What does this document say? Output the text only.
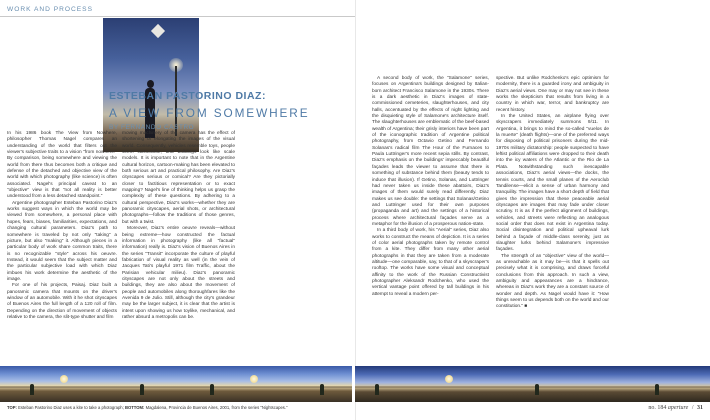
WORK AND PROCESS
ESTEBAN PASTORINO DIAZ:
A VIEW FROM SOMEWHERE
BY FERNANDO CASTRO

In his 1986 book The View from Nowhere, philosopher Thomas Nagel compares an understanding of the world that filters out the viewer's subjective traits to a vision "from nowhere." By comparison, being somewhere and viewing the world from there thus becomes both a critique and defense of the detached and objective view of the world with which photography (like science) is often associated. Nagel's principal caveat to an "objective" view is that "not all reality is better understood from a less detached standpoint."

Argentine photographer Esteban Pastorino Diaz's works suggest ways in which the world may be viewed from somewhere, a personal place with hopes, fears, biases, familiarities, expectations, and changing cultural parameters. Diaz's path to somewhere is traveled by not only "taking" a picture, but also "making" it. Although pieces in a particular body of work share common traits, there is no recognizable "style" across his oeuvre. Instead, it would seem that the subject matter and the particular subjective load with which Diaz imbues his work determine the aesthetic of the image.

For one of his projects, Paisaj. Diaz built a panoramic camera that mounts on the driver's window of an automobile. With it he shot cityscapes of Buenos Aires the full length of a 120 roll of film. Depending on the direction of movement of objects relative to the camera, the slit-type shutter and film

moving machinery of the camera has the effect of shortening or elongating the images of the visual world. Consequently, vehicles resemble toys, people seem cartoonlike, and buildings look like scale models. It is important to note that in the Argentine cultural horizon, cartoon-making has been elevated to both serious art and practical philosophy. Are Diaz's cityscapes serious or comical? Are they pictorially closer to factitious representation or to exact mapping? Nagel's line of thinking helps us grasp the complexity of these questions. By adhering to a cultural perspective, Diaz's works—whether they are panoramic cityscapes, aerial shots, or architectural photographs—follow the traditions of those genres, but with a twist.

Moreover, Diaz's entire oeuvre reveals—without being extreme—how constructed the factual information in photography (like all "factual" information) really is. Diaz's vision of Buenos Aires in the series "Transit" incorporate the culture of playful fabrication of visual reality as well (in the vein of Jacques Tati's playful 1971 film Traffic, about the Parisian vehicular milieu). Diaz's panoramic cityscapes are not only about the streets and buildings, they are also about the movement of people and automobiles along thoroughfares like the Avenida 9 de Julio. Still, although the city's grandeur may be the larger subject, it is clear that the artist is intent upon showing us how toylike, mechanical, and rather absurd a metropolis can be.

A second body of work, the "Salamone" series, focuses on Argentina's buildings designed by Italian-born architect Francisco Salamone in the 1930s. There is a dark aesthetic in Diaz's images of state-commissioned cemeteries, slaughterhouses, and city halls, accentuated by the effects of night lighting and the disquieting style of Salamone's architecture itself. The slaughterhouses are emblematic of the beef-based wealth of Argentina; their grisly interiors have been part of the iconographic tradition of Argentine political photography, from Octavio Getino and Fernando Solanas's radical film The Hour of the Furnaces to Paula Luttringer's more recent sepia stills. By contrast, Diaz's emphasis on the buildings' impeccably beautiful façades leads the viewer to assume that there is something of substance behind them (beauty tends to induce that illusion). If Getino, Solanas, and Luttringer had never taken us inside these abattoirs, Diaz's images of them would surely read differently. Diaz makes us see double: the settings that Solanas/Getino and Luttringer used for their own purposes (propaganda and art) and the settings of a historical process where architectural façades serve as a metaphor for the illusion of a prosperous nation-state.

In a third body of work, his "Aerial" series, Diaz also works to construct the means of depiction. It is a series of color aerial photographs taken by remote control from a kite. They differ from many other aerial photographs in that they are taken from a moderate altitude—one comparable, say, to that of a skyscraper's rooftop. The works have some visual and conceptual affinity to the work of the Russian Constructivist photographer Aleksandr Rodchenko, who used the vertical vantage point offered by tall buildings in his attempt to reveal a modern per-

spective. But unlike Rodchenko's epic optimism for modernity, there is a guarded irony and ambiguity in Diaz's aerial views. One may or may not see in these works the skepticism that results from living in a country in which war, terror, and bankruptcy are recent history.

In the United States, an airplane flying over skyscrapers immediately summons 9/11. In Argentina, it brings to mind the so-called "vuelos de la muerte" (death flights)—one of the preferred ways for disposing of political prisoners during the mid-1970s military dictatorship: people suspected to have leftist political affiliations were dropped to their death into the icy waters of the Atlantic or the Rio de La Plata. Notwithstanding such inescapable associations, Diaz's aerial views—the docks, the tennis courts, and the small planes of the Aeroclub Tandilense—elicit a sense of urban harmony and tranquility. The images have a short depth of field that gives the impression that these peaceable aerial cityscapes are images that may fade under closer scrutiny. It is as if the perfect alignment of buildings, vehicles, and streets were reflecting an analogous social order that does not exist in Argentina today. Social disintegration and political upheaval lurk behind a façade of middle-class serenity, just as slaughter lurks behind Salamone's impressive façades.

The strength of an "objective" view of the world—as unreachable as it may be—is that it spells out precisely what it is comprising, and draws forceful conclusions from this approach. In such a view, ambiguity and appearances are a hindrance, whereas in Diaz's work they are a constant source of wonder and depth. As Nagel would have it: "How things seem to us depends both on the world and our constitution." ■

TOP: Esteban Pastorino Diaz uses a kite to take a photograph; BOTTOM: Magdalena, Provincia de Buenos Aires, 2001, from the series "Nightscapes."	no. 184 aperture / 31
